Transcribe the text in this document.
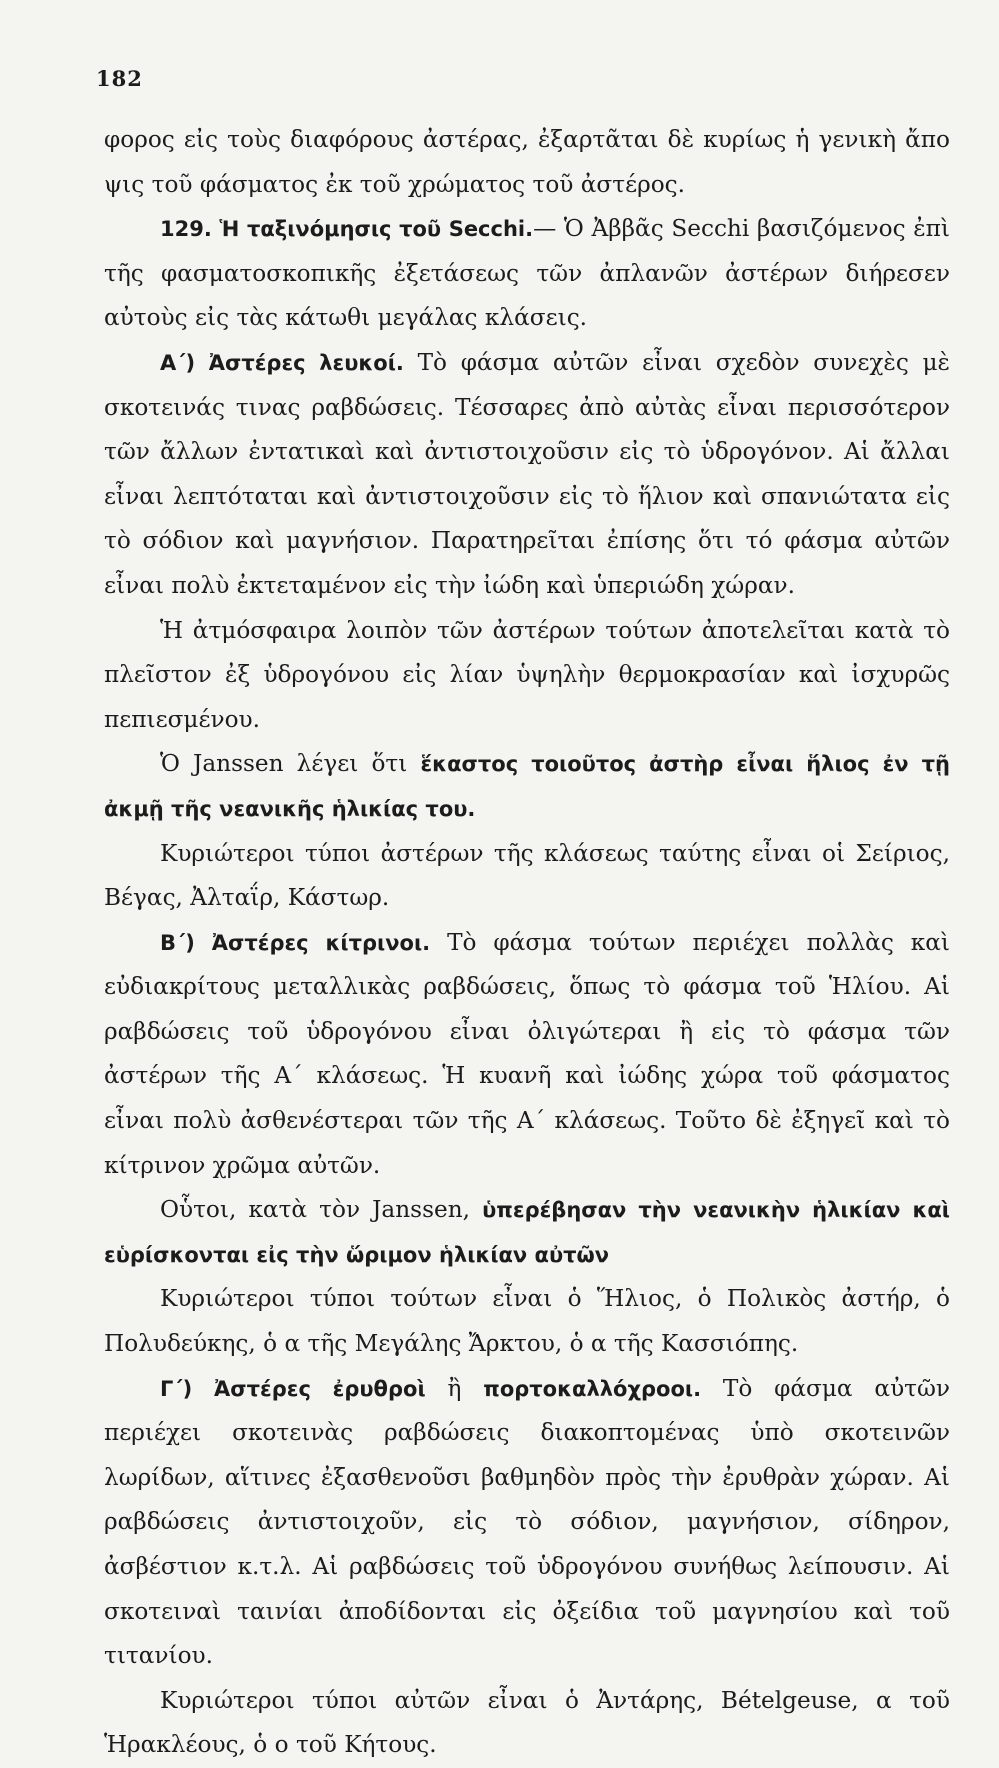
182

φορος εἰς τοὺς διαφόρους ἀστέρας, ἐξαρτᾶται δὲ κυρίως ἡ γενικὴ ἄπο ψις τοῦ φάσματος ἐκ τοῦ χρώματος τοῦ ἀστέρος.

129. Ἡ ταξινόμησις τοῦ Secchi.— Ὁ Ἀββᾶς Secchi βασιζόμενος ἐπὶ τῆς φασματοσκοπικῆς ἐξετάσεως τῶν ἀπλανῶν ἀστέρων διήρεσεν αὐτοὺς εἰς τὰς κάτωθι μεγάλας κλάσεις.

Α΄) Ἀστέρες λευκοί. Τὸ φάσμα αὐτῶν εἶναι σχεδὸν συνεχὲς μὲ σκοτεινάς τινας ραβδώσεις. Τέσσαρες ἀπὸ αὐτὰς εἶναι περισσότερον τῶν ἄλλων ἐντατικαὶ καὶ ἀντιστοιχοῦσιν εἰς τὸ ὑδρογόνον. Αἱ ἄλλαι εἶναι λεπτόταται καὶ ἀντιστοιχοῦσιν εἰς τὸ ἥλιον καὶ σπανιώτατα εἰς τὸ σόδιον καὶ μαγνήσιον. Παρατηρεῖται ἐπίσης ὅτι τό φάσμα αὐτῶν εἶναι πολὺ ἐκτεταμένον εἰς τὴν ἰώδη καὶ ὑπεριώδη χώραν.

Ἡ ἀτμόσφαιρα λοιπὸν τῶν ἀστέρων τούτων ἀποτελεῖται κατὰ τὸ πλεῖστον ἐξ ὑδρογόνου εἰς λίαν ὑψηλὴν θερμοκρασίαν καὶ ἰσχυρῶς πεπιεσμένου.

Ὁ Janssen λέγει ὅτι ἕκαστος τοιοῦτος ἀστὴρ εἶναι ἥλιος ἐν τῇ ἀκμῇ τῆς νεανικῆς ἡλικίας του.

Κυριώτεροι τύποι ἀστέρων τῆς κλάσεως ταύτης εἶναι οἱ Σείριος, Βέγας, Ἀλταΐρ, Κάστωρ.

Β΄) Ἀστέρες κίτρινοι. Τὸ φάσμα τούτων περιέχει πολλὰς καὶ εὐδιακρίτους μεταλλικὰς ραβδώσεις, ὅπως τὸ φάσμα τοῦ Ἡλίου. Αἱ ραβδώσεις τοῦ ὑδρογόνου εἶναι ὀλιγώτεραι ἢ εἰς τὸ φάσμα τῶν ἀστέρων τῆς Α΄ κλάσεως. Ἡ κυανῆ καὶ ἰώδης χώρα τοῦ φάσματος εἶναι πολὺ ἀσθενέστεραι τῶν τῆς Α΄ κλάσεως. Τοῦτο δὲ ἐξηγεῖ καὶ τὸ κίτρινον χρῶμα αὐτῶν.

Οὗτοι, κατὰ τὸν Janssen, ὑπερέβησαν τὴν νεανικὴν ἡλικίαν καὶ εὑρίσκονται εἰς τὴν ὥριμον ἡλικίαν αὐτῶν

Κυριώτεροι τύποι τούτων εἶναι ὁ Ἥλιος, ὁ Πολικὸς ἀστήρ, ὁ Πολυδεύκης, ὁ α τῆς Μεγάλης Ἄρκτου, ὁ α τῆς Κασσιόπης.

Γ΄) Ἀστέρες ἐρυθροὶ ἢ πορτοκαλλόχροοι. Τὸ φάσμα αὐτῶν περιέχει σκοτεινὰς ραβδώσεις διακοπτομένας ὑπὸ σκοτεινῶν λωρίδων, αἵτινες ἐξασθενοῦσι βαθμηδὸν πρὸς τὴν ἐρυθρὰν χώραν. Αἱ ραβδώσεις ἀντιστοιχοῦν, εἰς τὸ σόδιον, μαγνήσιον, σίδηρον, ἀσβέστιον κ.τ.λ. Αἱ ραβδώσεις τοῦ ὑδρογόνου συνήθως λείπουσιν. Αἱ σκοτειναὶ ταινίαι ἀποδίδονται εἰς ὀξείδια τοῦ μαγνησίου καὶ τοῦ τιτανίου.

Κυριώτεροι τύποι αὐτῶν εἶναι ὁ Ἀντάρης, Bételgeuse, α τοῦ Ἡρακλέους, ὁ ο τοῦ Κήτους.
